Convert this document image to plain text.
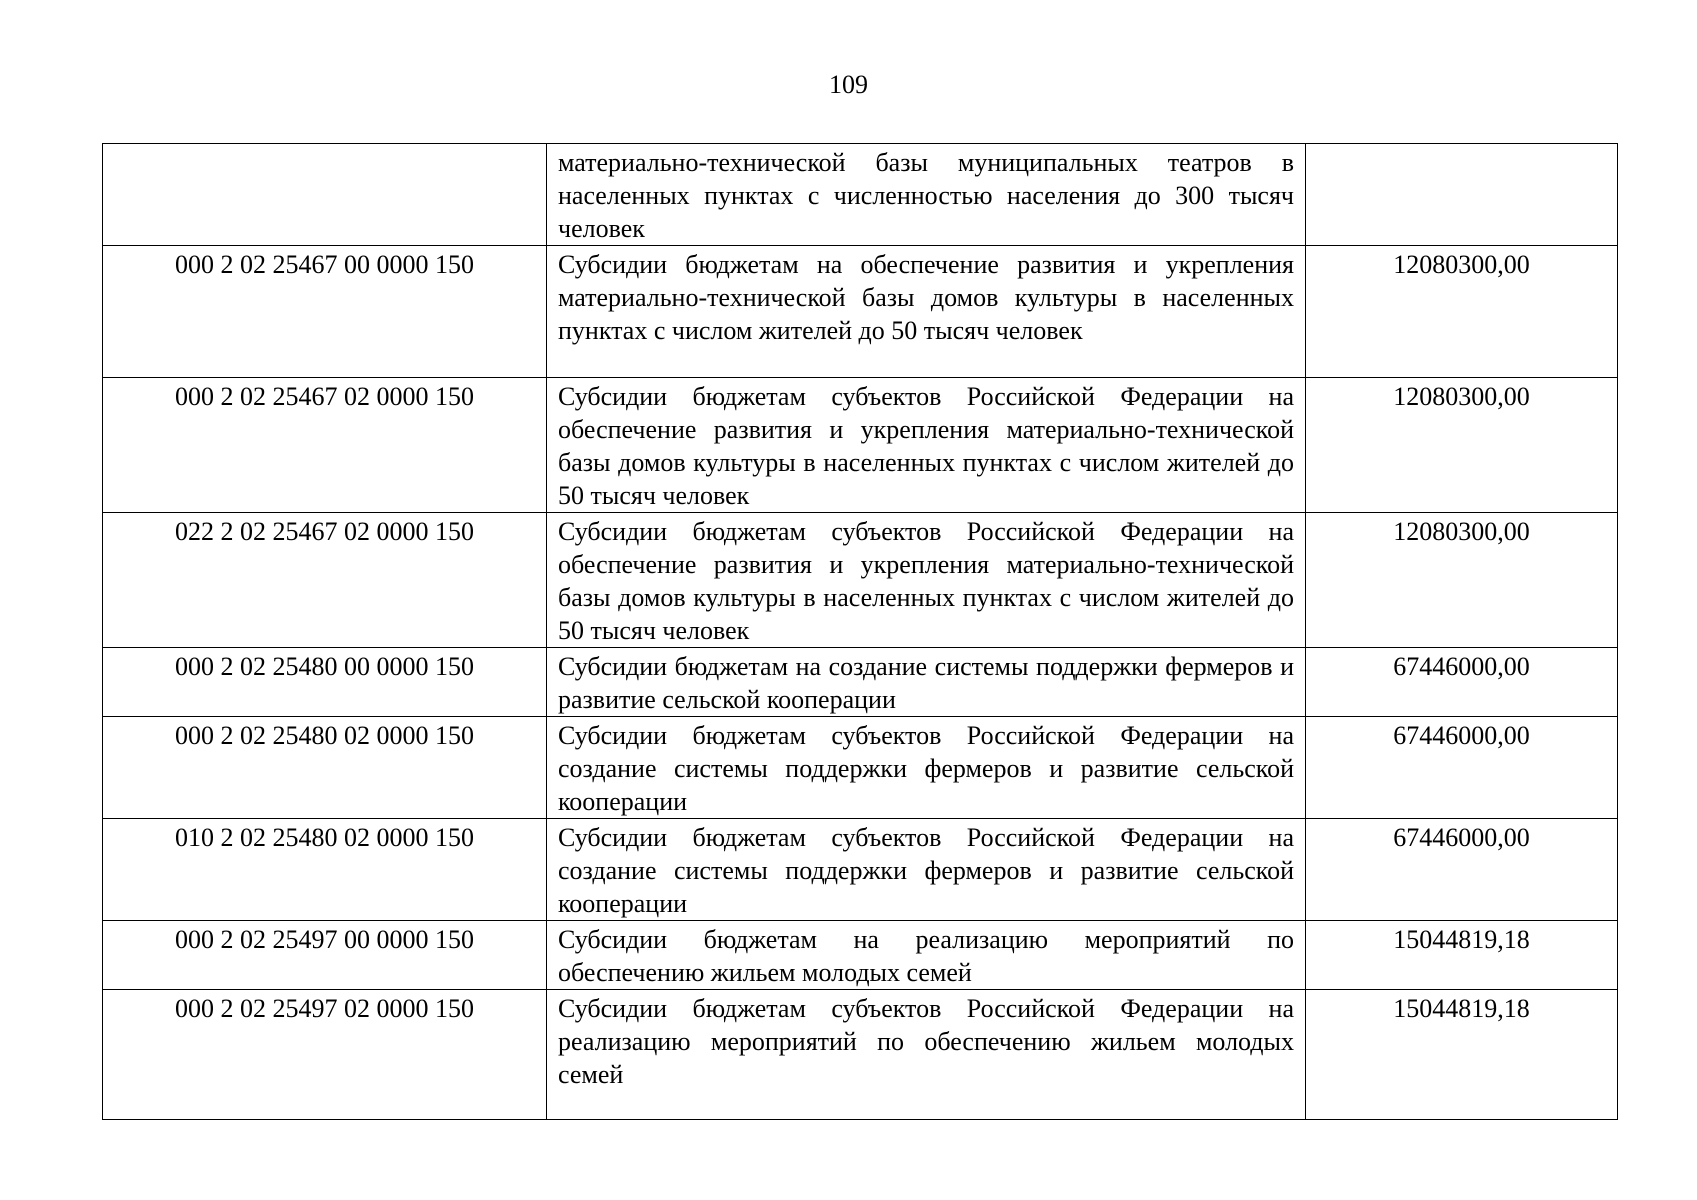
109
	материально-технической базы муниципальных театров в населенных пунктах с численностью населения до 300 тысяч человек	
000 2 02 25467 00 0000 150	Субсидии бюджетам на обеспечение развития и укрепления материально-технической базы домов культуры в населенных пунктах с числом жителей до 50 тысяч человек	12080300,00
000 2 02 25467 02 0000 150	Субсидии бюджетам субъектов Российской Федерации на обеспечение развития и укрепления материально-технической базы домов культуры в населенных пунктах с числом жителей до 50 тысяч человек	12080300,00
022 2 02 25467 02 0000 150	Субсидии бюджетам субъектов Российской Федерации на обеспечение развития и укрепления материально-технической базы домов культуры в населенных пунктах с числом жителей до 50 тысяч человек	12080300,00
000 2 02 25480 00 0000 150	Субсидии бюджетам на создание системы поддержки фермеров и развитие сельской кооперации	67446000,00
000 2 02 25480 02 0000 150	Субсидии бюджетам субъектов Российской Федерации на создание системы поддержки фермеров и развитие сельской кооперации	67446000,00
010 2 02 25480 02 0000 150	Субсидии бюджетам субъектов Российской Федерации на создание системы поддержки фермеров и развитие сельской кооперации	67446000,00
000 2 02 25497 00 0000 150	Субсидии бюджетам на реализацию мероприятий по обеспечению жильем молодых семей	15044819,18
000 2 02 25497 02 0000 150	Субсидии бюджетам субъектов Российской Федерации на реализацию мероприятий по обеспечению жильем молодых семей	15044819,18
